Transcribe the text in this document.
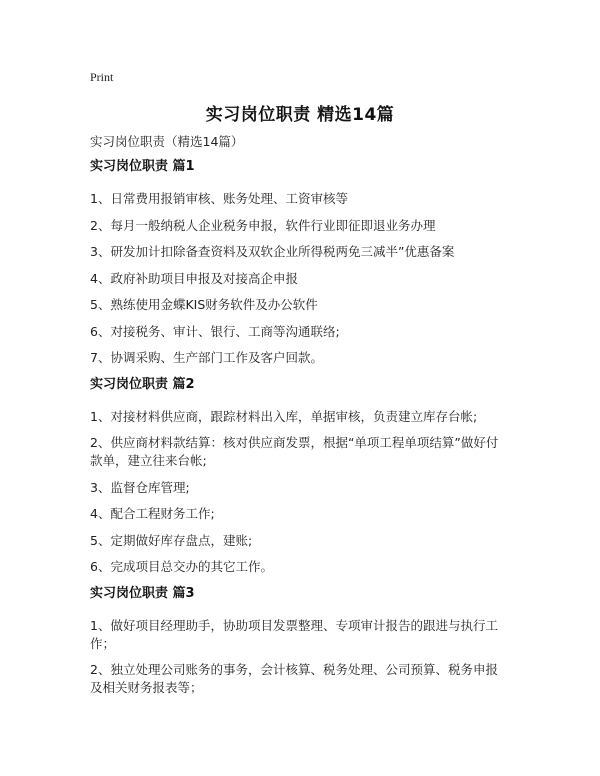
Print
实习岗位职责 精选14篇
实习岗位职责（精选14篇）
实习岗位职责 篇1
1、日常费用报销审核、账务处理、工资审核等
2、每月一般纳税人企业税务申报，软件行业即征即退业务办理
3、研发加计扣除备查资料及双软企业所得税两免三减半”优惠备案
4、政府补助项目申报及对接高企申报
5、熟练使用金蝶KIS财务软件及办公软件
6、对接税务、审计、银行、工商等沟通联络;
7、协调采购、生产部门工作及客户回款。
实习岗位职责 篇2
1、对接材料供应商，跟踪材料出入库，单据审核，负责建立库存台帐;
2、供应商材料款结算：核对供应商发票，根据“单项工程单项结算”做好付款单，建立往来台帐;
3、监督仓库管理;
4、配合工程财务工作;
5、定期做好库存盘点，建账;
6、完成项目总交办的其它工作。
实习岗位职责 篇3
1、做好项目经理助手，协助项目发票整理、专项审计报告的跟进与执行工作；
2、独立处理公司账务的事务，会计核算、税务处理、公司预算、税务申报及相关财务报表等；
